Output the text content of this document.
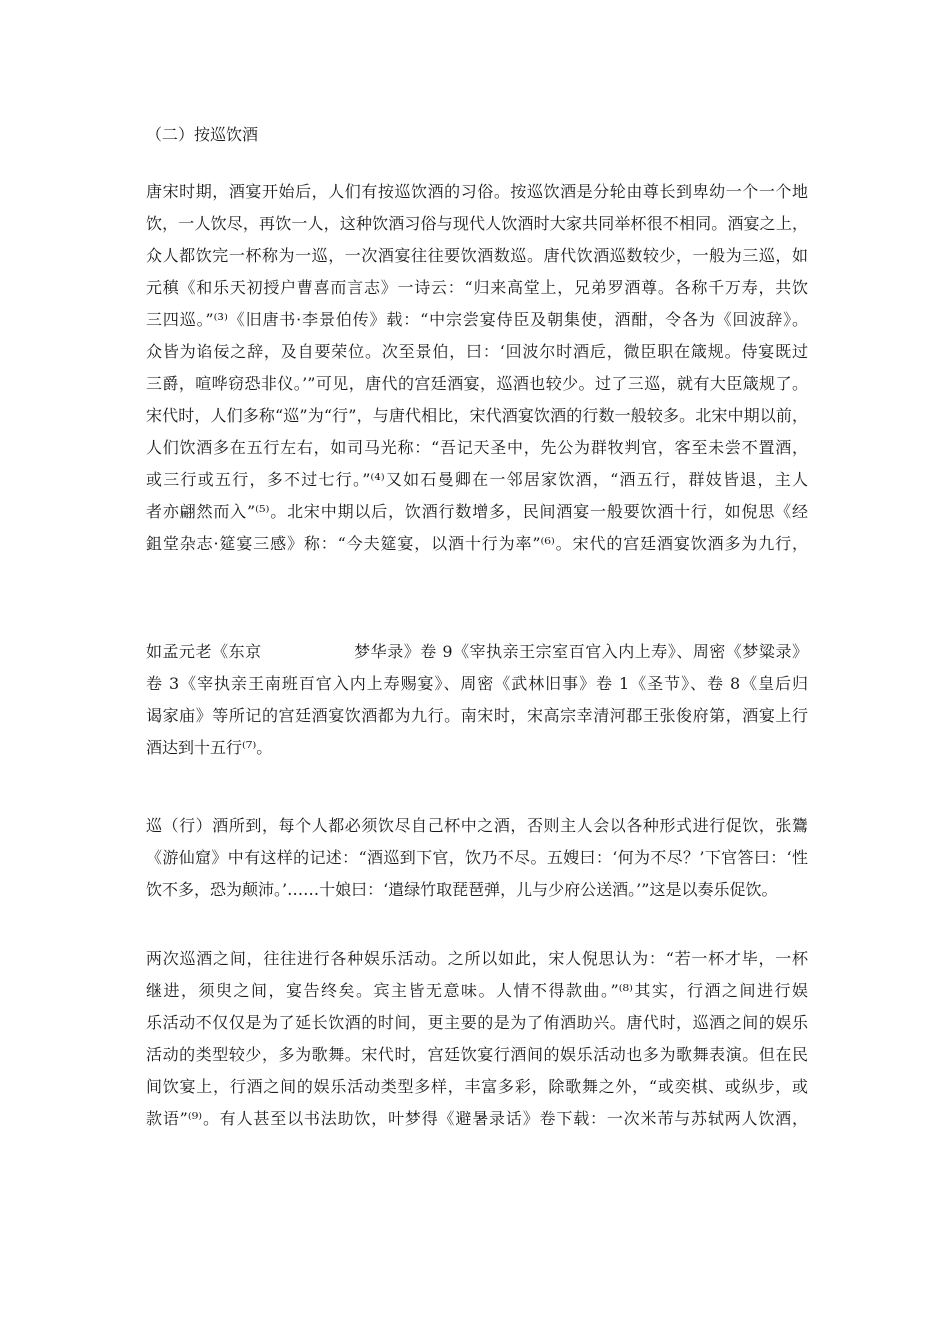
（二）按巡饮酒
唐宋时期，酒宴开始后，人们有按巡饮酒的习俗。按巡饮酒是分轮由尊长到卑幼一个一个地
饮，一人饮尽，再饮一人，这种饮酒习俗与现代人饮酒时大家共同举杯很不相同。酒宴之上，
众人都饮完一杯称为一巡，一次酒宴往往要饮酒数巡。唐代饮酒巡数较少，一般为三巡，如
元稹《和乐天初授户曹喜而言志》一诗云：“归来高堂上，兄弟罗酒尊。各称千万寿，共饮
三四巡。”⁽³⁾《旧唐书·李景伯传》载：“中宗尝宴侍臣及朝集使，酒酣，令各为《回波辞》。
众皆为谄佞之辞，及自要荣位。次至景伯，曰：‘回波尔时酒卮，微臣职在箴规。侍宴既过
三爵，喧哗窃恐非仪。’”可见，唐代的宫廷酒宴，巡酒也较少。过了三巡，就有大臣箴规了。
宋代时，人们多称“巡”为“行”，与唐代相比，宋代酒宴饮酒的行数一般较多。北宋中期以前，
人们饮酒多在五行左右，如司马光称：“吾记天圣中，先公为群牧判官，客至未尝不置酒，
或三行或五行，多不过七行。”⁽⁴⁾又如石曼卿在一邻居家饮酒，“酒五行，群妓皆退，主人
者亦翩然而入”⁽⁵⁾。北宋中期以后，饮酒行数增多，民间酒宴一般要饮酒十行，如倪思《经
鉏堂杂志·筵宴三感》称：“今夫筵宴，以酒十行为率”⁽⁶⁾。宋代的宫廷酒宴饮酒多为九行，
如孟元老《东京	梦华录》卷 9《宰执亲王宗室百官入内上寿》、周密《梦粱录》
卷 3《宰执亲王南班百官入内上寿赐宴》、周密《武林旧事》卷 1《圣节》、卷 8《皇后归
谒家庙》等所记的宫廷酒宴饮酒都为九行。南宋时，宋高宗幸清河郡王张俊府第，酒宴上行
酒达到十五行⁽⁷⁾。
巡（行）酒所到，每个人都必须饮尽自己杯中之酒，否则主人会以各种形式进行促饮，张鷟
《游仙窟》中有这样的记述：“酒巡到下官，饮乃不尽。五嫂曰：‘何为不尽？’下官答曰：‘性
饮不多，恐为颠沛。’……十娘曰：‘遣绿竹取琵琶弹，儿与少府公送酒。’”这是以奏乐促饮。
两次巡酒之间，往往进行各种娱乐活动。之所以如此，宋人倪思认为：“若一杯才毕，一杯
继进，须臾之间，宴告终矣。宾主皆无意味。人情不得款曲。”⁽⁸⁾其实，行酒之间进行娱
乐活动不仅仅是为了延长饮酒的时间，更主要的是为了侑酒助兴。唐代时，巡酒之间的娱乐
活动的类型较少，多为歌舞。宋代时，宫廷饮宴行酒间的娱乐活动也多为歌舞表演。但在民
间饮宴上，行酒之间的娱乐活动类型多样，丰富多彩，除歌舞之外，“或奕棋、或纵步，或
款语”⁽⁹⁾。有人甚至以书法助饮，叶梦得《避暑录话》卷下载：一次米芾与苏轼两人饮酒，
